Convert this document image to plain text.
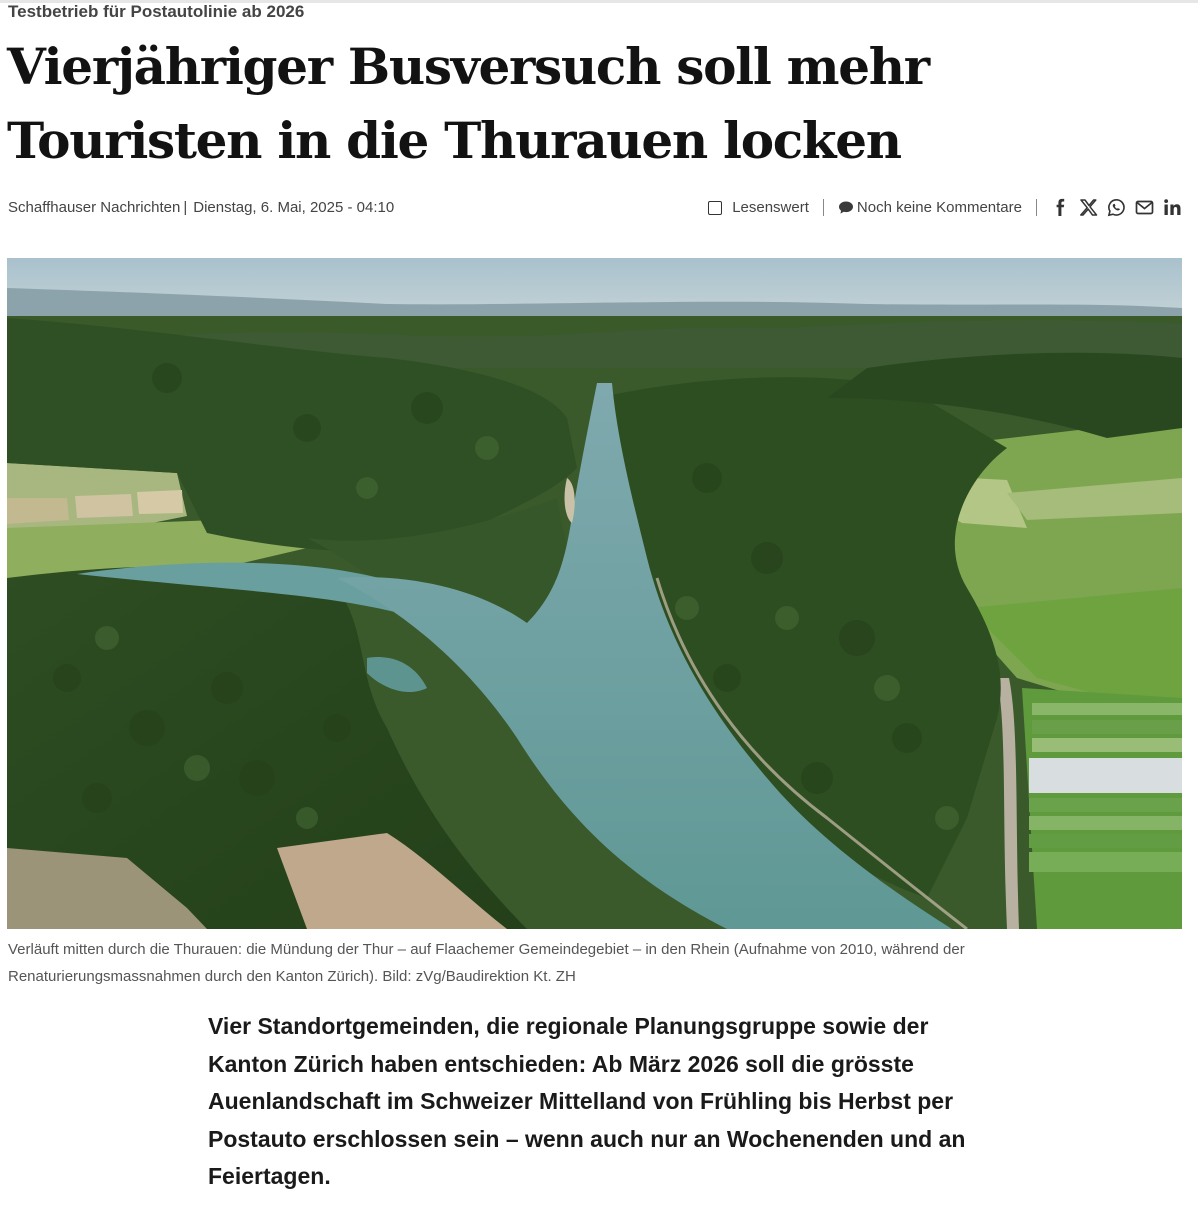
Testbetrieb für Postautolinie ab 2026
Vierjähriger Busversuch soll mehr Touristen in die Thurauen locken
Schaffhauser Nachrichten | Dienstag, 6. Mai, 2025 - 04:10	Lesenswert	Noch keine Kommentare

Verläuft mitten durch die Thurauen: die Mündung der Thur – auf Flaachemer Gemeindegebiet – in den Rhein (Aufnahme von 2010, während der Renaturierungsmassnahmen durch den Kanton Zürich). Bild: zVg/Baudirektion Kt. ZH

Vier Standortgemeinden, die regionale Planungsgruppe sowie der Kanton Zürich haben entschieden: Ab März 2026 soll die grösste Auenlandschaft im Schweizer Mittelland von Frühling bis Herbst per Postauto erschlossen sein – wenn auch nur an Wochenenden und an Feiertagen.
